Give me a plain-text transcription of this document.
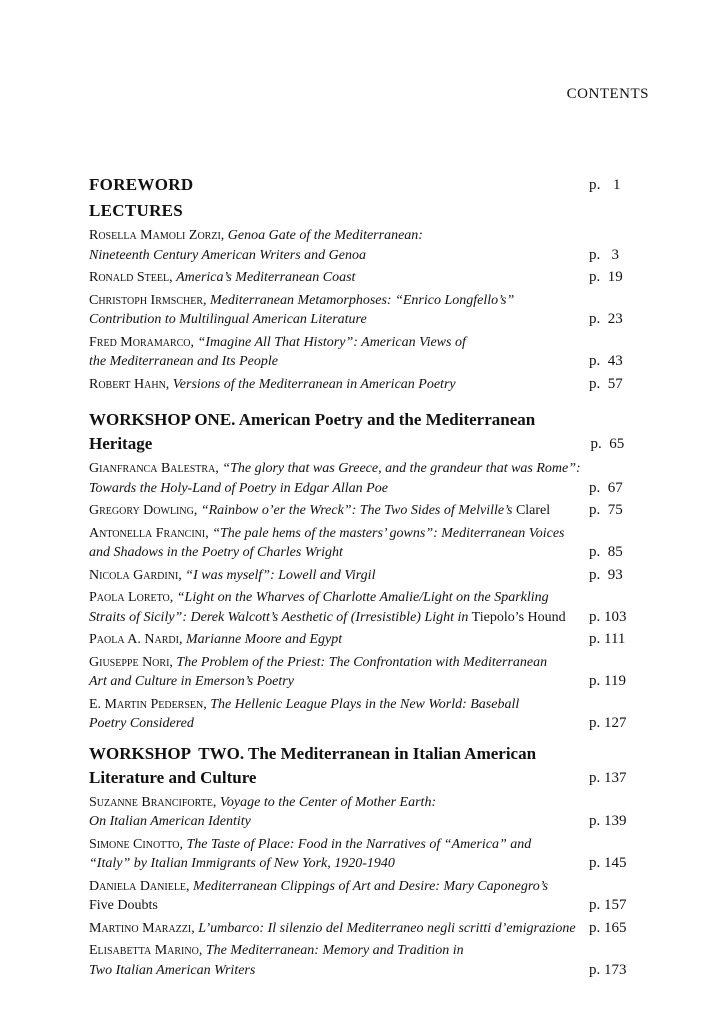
CONTENTS
FOREWORD	p.   1
LECTURES
Rosella Mamoli Zorzi, Genoa Gate of the Mediterranean:
Nineteenth Century American Writers and Genoa	p.   3
Ronald Steel, America’s Mediterranean Coast	p.  19
Christoph Irmscher, Mediterranean Metamorphoses: “Enrico Longfello’s”
Contribution to Multilingual American Literature	p.  23
Fred Moramarco, “Imagine All That History”: American Views of
the Mediterranean and Its People	p.  43
Robert Hahn, Versions of the Mediterranean in American Poetry	p.  57
WORKSHOP ONE. American Poetry and the Mediterranean Heritage	p.  65
Gianfranca Balestra, “The glory that was Greece, and the grandeur that was Rome”:
Towards the Holy-Land of Poetry in Edgar Allan Poe	p.  67
Gregory Dowling, “Rainbow o’er the Wreck”: The Two Sides of Melville’s Clarel	p.  75
Antonella Francini, “The pale hems of the masters’ gowns”: Mediterranean Voices
and Shadows in the Poetry of Charles Wright	p.  85
Nicola Gardini, “I was myself”: Lowell and Virgil	p.  93
Paola Loreto, “Light on the Wharves of Charlotte Amalie/Light on the Sparkling
Straits of Sicily”: Derek Walcott’s Aesthetic of (Irresistible) Light in Tiepolo’s Hound p. 103
Paola A. Nardi, Marianne Moore and Egypt	p. 111
Giuseppe Nori, The Problem of the Priest: The Confrontation with Mediterranean
Art and Culture in Emerson’s Poetry	p. 119
E. Martin Pedersen, The Hellenic League Plays in the New World: Baseball
Poetry Considered	p. 127
WORKSHOP  TWO. The Mediterranean in Italian American
Literature and Culture	p. 137
Suzanne Branciforte, Voyage to the Center of Mother Earth:
On Italian American Identity	p. 139
Simone Cinotto, The Taste of Place: Food in the Narratives of “America” and
“Italy” by Italian Immigrants of New York, 1920-1940	p. 145
Daniela Daniele, Mediterranean Clippings of Art and Desire: Mary Caponegro’s
Five Doubts	p. 157
Martino Marazzi, L’umbarco: Il silenzio del Mediterraneo negli scritti d’emigrazione p. 165
Elisabetta Marino, The Mediterranean: Memory and Tradition in
Two Italian American Writers	p. 173
